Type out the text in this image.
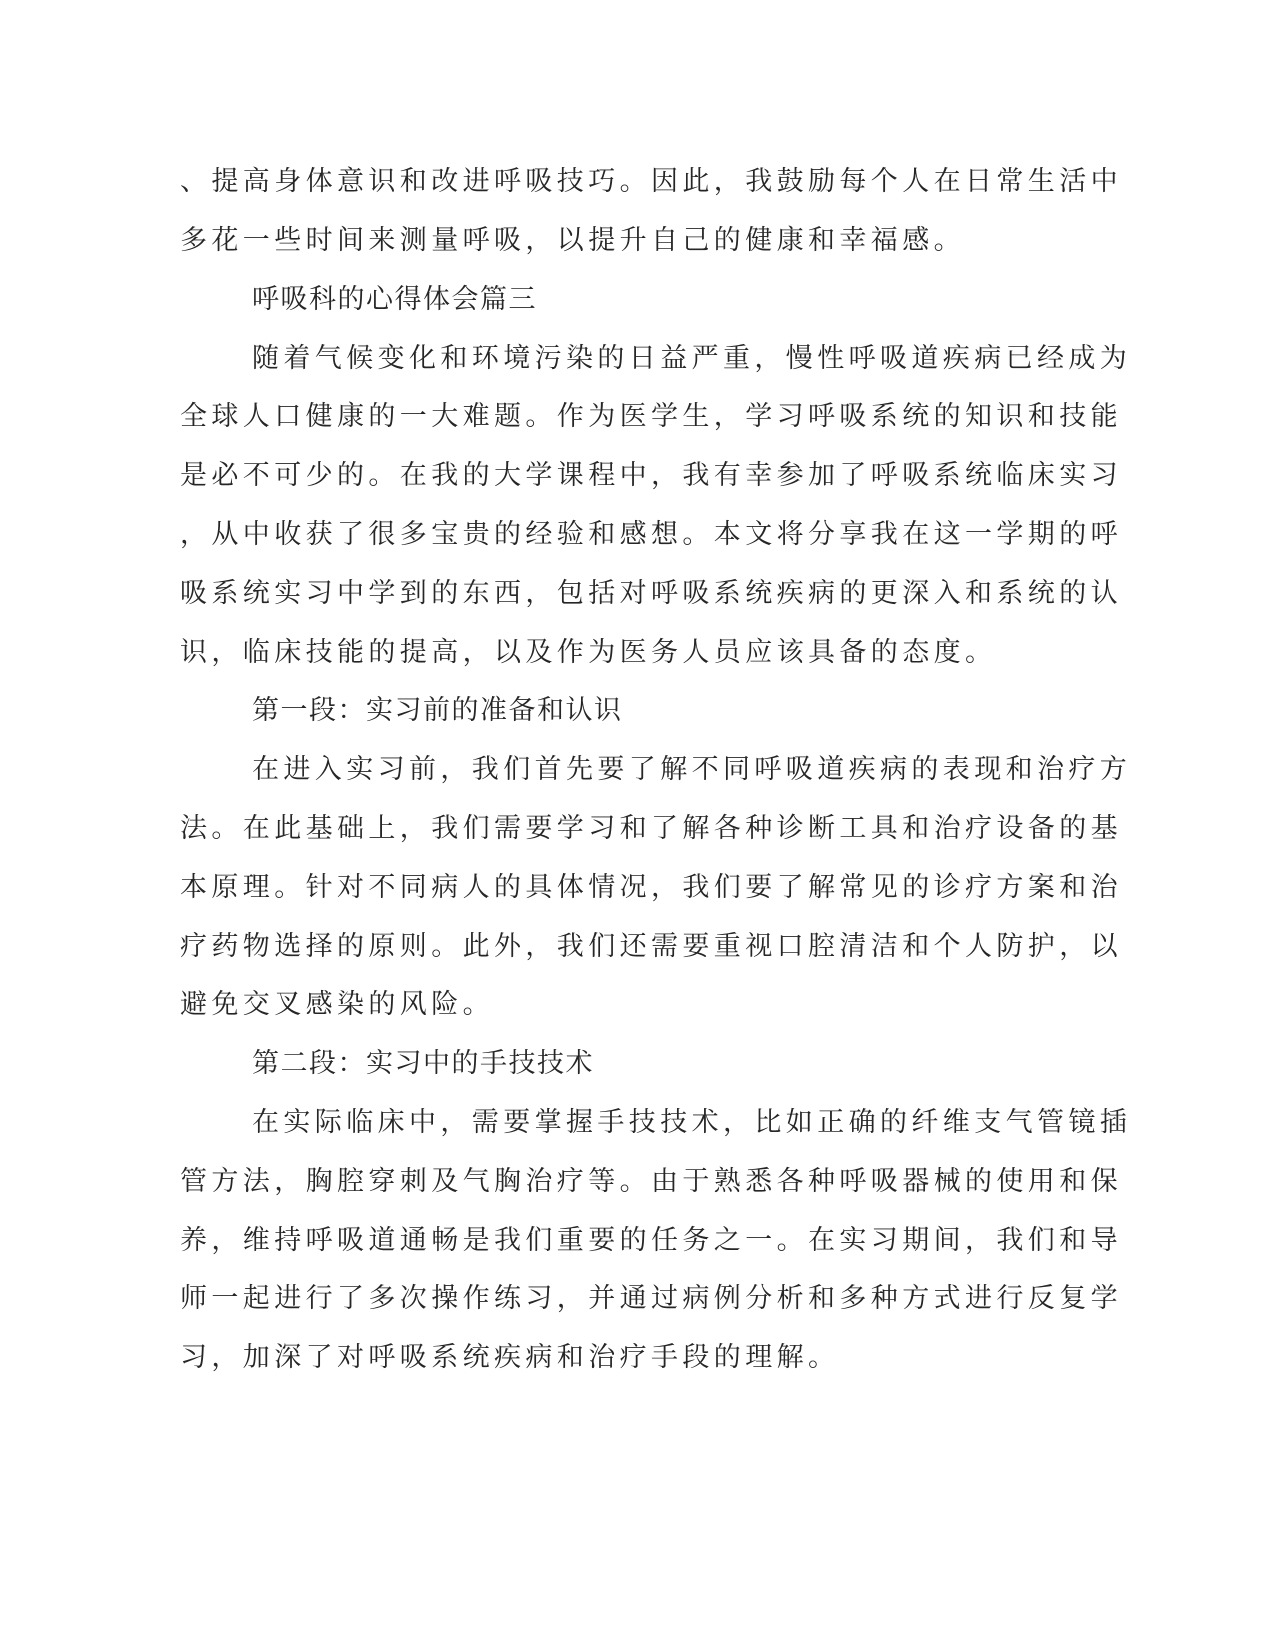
、提高身体意识和改进呼吸技巧。因此，我鼓励每个人在日常生活中

多花一些时间来测量呼吸，以提升自己的健康和幸福感。

呼吸科的心得体会篇三

随着气候变化和环境污染的日益严重，慢性呼吸道疾病已经成为

全球人口健康的一大难题。作为医学生，学习呼吸系统的知识和技能

是必不可少的。在我的大学课程中，我有幸参加了呼吸系统临床实习

，从中收获了很多宝贵的经验和感想。本文将分享我在这一学期的呼

吸系统实习中学到的东西，包括对呼吸系统疾病的更深入和系统的认

识，临床技能的提高，以及作为医务人员应该具备的态度。

第一段：实习前的准备和认识

在进入实习前，我们首先要了解不同呼吸道疾病的表现和治疗方

法。在此基础上，我们需要学习和了解各种诊断工具和治疗设备的基

本原理。针对不同病人的具体情况，我们要了解常见的诊疗方案和治

疗药物选择的原则。此外，我们还需要重视口腔清洁和个人防护，以

避免交叉感染的风险。

第二段：实习中的手技技术

在实际临床中，需要掌握手技技术，比如正确的纤维支气管镜插

管方法，胸腔穿刺及气胸治疗等。由于熟悉各种呼吸器械的使用和保

养，维持呼吸道通畅是我们重要的任务之一。在实习期间，我们和导

师一起进行了多次操作练习，并通过病例分析和多种方式进行反复学

习，加深了对呼吸系统疾病和治疗手段的理解。
